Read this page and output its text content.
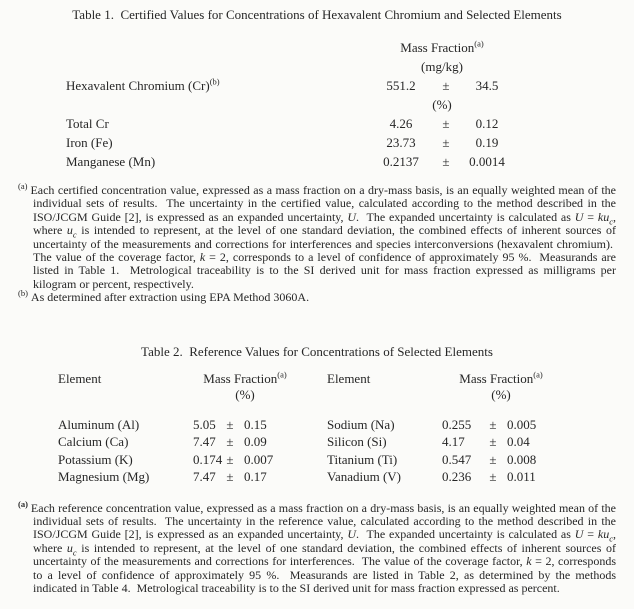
Table 1.  Certified Values for Concentrations of Hexavalent Chromium and Selected Elements
	Mass Fraction$^{(a)}$
	(mg/kg)		
Hexavalent Chromium $(Cr)^{(b)}$	551.2	±	34.5
	(%)		
Total Cr	4.26	±	0.12
Iron (Fe)	23.73	±	0.19
Manganese (Mn)	0.2137	±	0.0014
$^{(a)}$ Each certified concentration value, expressed as a mass fraction on a dry-mass basis, is an equally weighted mean of the individual sets of results.  The uncertainty in the certified value, calculated according to the method described in the ISO/JCGM Guide [2], is expressed as an expanded uncertainty, U.  The expanded uncertainty is calculated as $U = ku_c$, where $u_c$ is intended to represent, at the level of one standard deviation, the combined effects of inherent sources of uncertainty of the measurements and corrections for interferences and species interconversions (hexavalent chromium).  The value of the coverage factor, k = 2, corresponds to a level of confidence of approximately 95 %.  Measurands are listed in Table 1.  Metrological traceability is to the SI derived unit for mass fraction expressed as milligrams per kilogram or percent, respectively.
$^{(b)}$ As determined after extraction using EPA Method 3060A.
Table 2.  Reference Values for Concentrations of Selected Elements
Element	Mass Fraction$^{(a)}$				Element	Mass Fraction$^{(a)}$
	(%)					(%)		

Aluminum (Al)	5.05	±	0.15		Sodium (Na)	0.255	±	0.005
Calcium (Ca)	7.47	±	0.09		Silicon (Si)	4.17	±	0.04
Potassium (K)	0.174	±	0.007		Titanium (Ti)	0.547	±	0.008
Magnesium (Mg)	7.47	±	0.17		Vanadium (V)	0.236	±	0.011
$^{(a)}$ Each reference concentration value, expressed as a mass fraction on a dry-mass basis, is an equally weighted mean of the individual sets of results.  The uncertainty in the reference value, calculated according to the method described in the ISO/JCGM Guide [2], is expressed as an expanded uncertainty, U.  The expanded uncertainty is calculated as $U = ku_c$, where $u_c$ is intended to represent, at the level of one standard deviation, the combined effects of inherent sources of uncertainty of the measurements and corrections for interferences.  The value of the coverage factor, k = 2, corresponds to a level of confidence of approximately 95 %.  Measurands are listed in Table 2, as determined by the methods indicated in Table 4.  Metrological traceability is to the SI derived unit for mass fraction expressed as percent.
